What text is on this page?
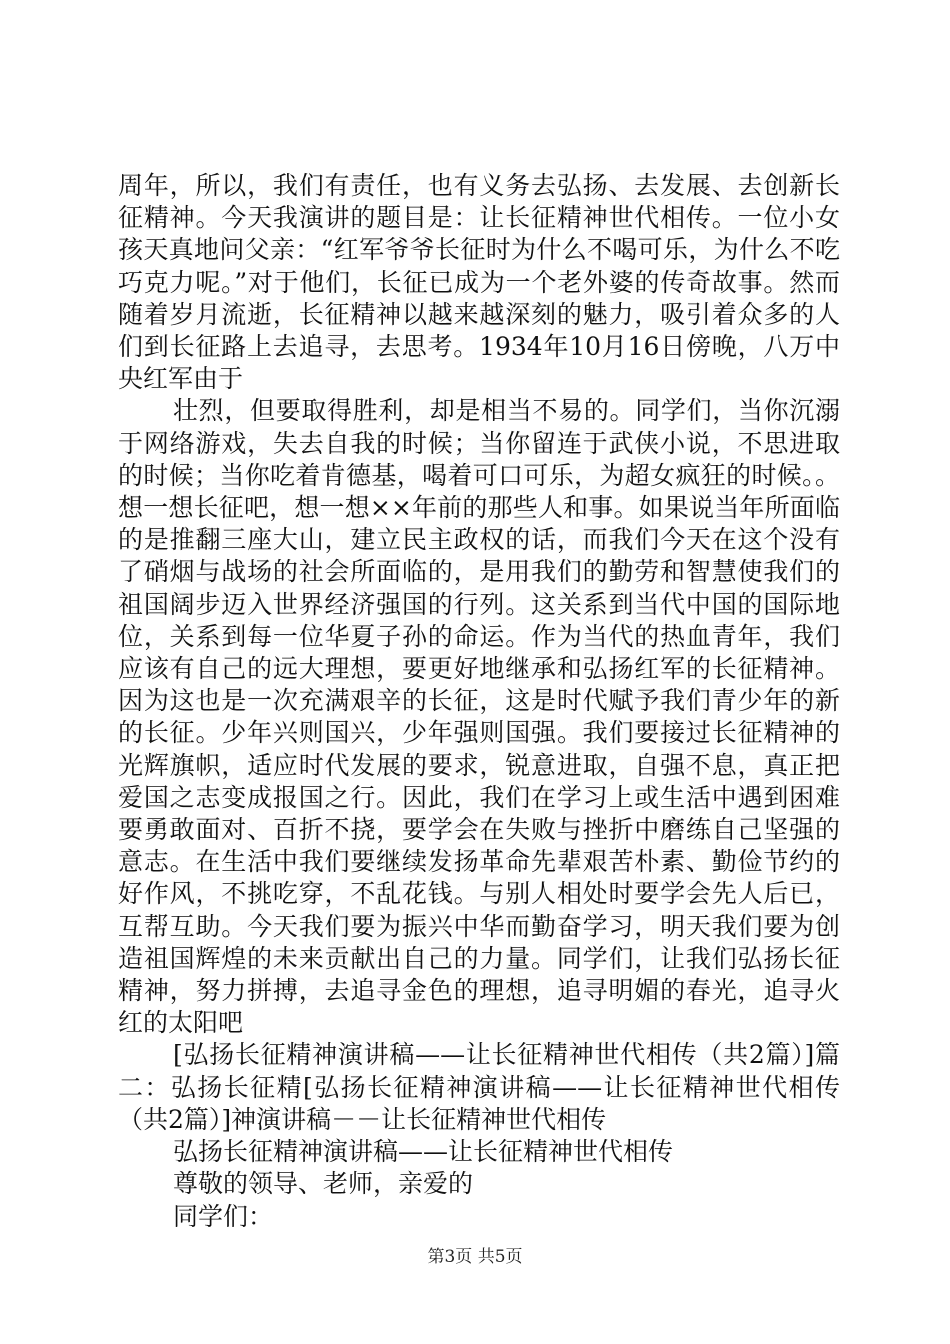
周年，所以，我们有责任，也有义务去弘扬、去发展、去创新长征精神。今天我演讲的题目是：让长征精神世代相传。一位小女孩天真地问父亲：“红军爷爷长征时为什么不喝可乐，为什么不吃巧克力呢。”对于他们，长征已成为一个老外婆的传奇故事。然而随着岁月流逝，长征精神以越来越深刻的魅力，吸引着众多的人们到长征路上去追寻，去思考。1934年10月16日傍晚，八万中央红军由于

壮烈，但要取得胜利，却是相当不易的。同学们，当你沉溺于网络游戏，失去自我的时候；当你留连于武侠小说，不思进取的时候；当你吃着肯德基，喝着可口可乐，为超女疯狂的时候。。想一想长征吧，想一想××年前的那些人和事。如果说当年所面临的是推翻三座大山，建立民主政权的话，而我们今天在这个没有了硝烟与战场的社会所面临的，是用我们的勤劳和智慧使我们的祖国阔步迈入世界经济强国的行列。这关系到当代中国的国际地位，关系到每一位华夏子孙的命运。作为当代的热血青年，我们应该有自己的远大理想，要更好地继承和弘扬红军的长征精神。因为这也是一次充满艰辛的长征，这是时代赋予我们青少年的新的长征。少年兴则国兴，少年强则国强。我们要接过长征精神的光辉旗帜，适应时代发展的要求，锐意进取，自强不息，真正把爱国之志变成报国之行。因此，我们在学习上或生活中遇到困难要勇敢面对、百折不挠，要学会在失败与挫折中磨练自己坚强的意志。在生活中我们要继续发扬革命先辈艰苦朴素、勤俭节约的好作风，不挑吃穿，不乱花钱。与别人相处时要学会先人后已，互帮互助。今天我们要为振兴中华而勤奋学习，明天我们要为创造祖国辉煌的未来贡献出自己的力量。同学们，让我们弘扬长征精神，努力拼搏，去追寻金色的理想，追寻明媚的春光，追寻火红的太阳吧

[弘扬长征精神演讲稿——让长征精神世代相传（共2篇）]篇二：弘扬长征精[弘扬长征精神演讲稿——让长征精神世代相传（共2篇）]神演讲稿－－让长征精神世代相传

弘扬长征精神演讲稿——让长征精神世代相传

尊敬的领导、老师，亲爱的

同学们：

第3页 共5页
